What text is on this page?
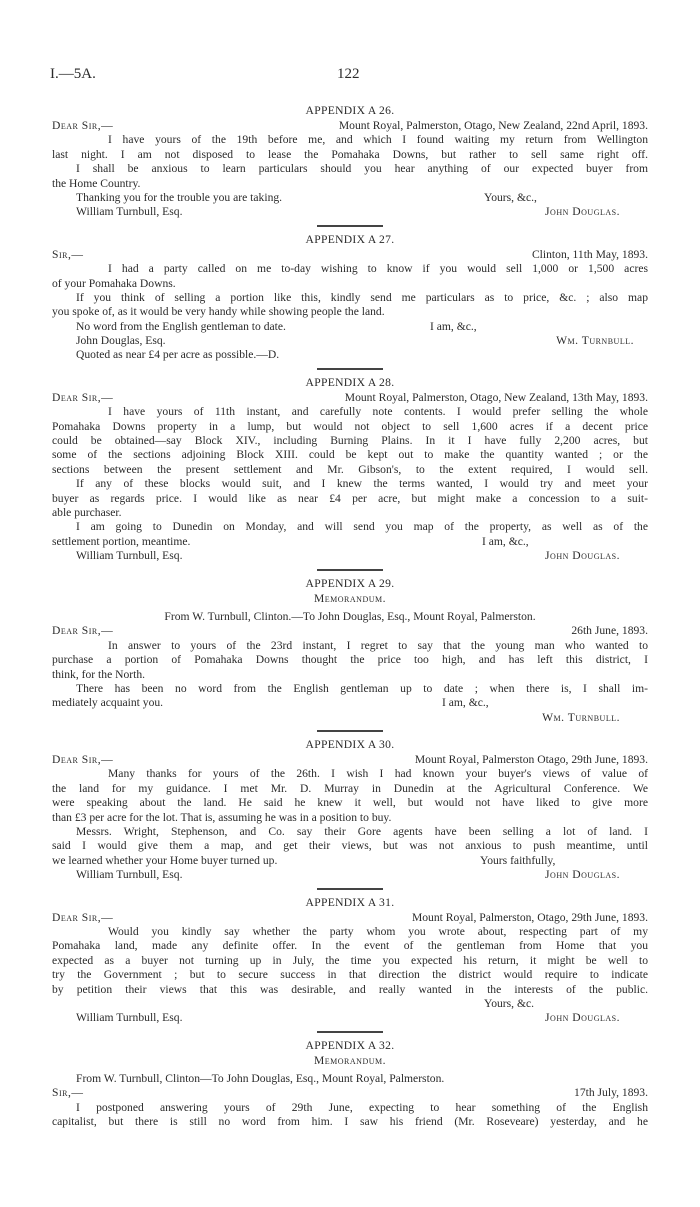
I.—5A.	122
APPENDIX A 26.
Dear Sir,—	Mount Royal, Palmerston, Otago, New Zealand, 22nd April, 1893.
I have yours of the 19th before me, and which I found waiting my return from Wellington
last night. I am not disposed to lease the Pomahaka Downs, but rather to sell same right off.
I shall be anxious to learn particulars should you hear anything of our expected buyer from
the Home Country.
Thanking you for the trouble you are taking.	Yours, &c.,
William Turnbull, Esq.	John Douglas.
APPENDIX A 27.
Sir,—	Clinton, 11th May, 1893.
I had a party called on me to-day wishing to know if you would sell 1,000 or 1,500 acres
of your Pomahaka Downs.
If you think of selling a portion like this, kindly send me particulars as to price, &c. ; also map
you spoke of, as it would be very handy while showing people the land.
No word from the English gentleman to date.	I am, &c.,
John Douglas, Esq.	Wm. Turnbull.
Quoted as near £4 per acre as possible.—D.
APPENDIX A 28.
Dear Sir,—	Mount Royal, Palmerston, Otago, New Zealand, 13th May, 1893.
I have yours of 11th instant, and carefully note contents. I would prefer selling the whole
Pomahaka Downs property in a lump, but would not object to sell 1,600 acres if a decent price
could be obtained—say Block XIV., including Burning Plains. In it I have fully 2,200 acres, but
some of the sections adjoining Block XIII. could be kept out to make the quantity wanted ; or the
sections between the present settlement and Mr. Gibson's, to the extent required, I would sell.
If any of these blocks would suit, and I knew the terms wanted, I would try and meet your
buyer as regards price. I would like as near £4 per acre, but might make a concession to a suit-
able purchaser.
I am going to Dunedin on Monday, and will send you map of the property, as well as of the
settlement portion, meantime.	I am, &c.,
William Turnbull, Esq.	John Douglas.
APPENDIX A 29.
Memorandum.
From W. Turnbull, Clinton.—To John Douglas, Esq., Mount Royal, Palmerston.
Dear Sir,—	26th June, 1893.
In answer to yours of the 23rd instant, I regret to say that the young man who wanted to
purchase a portion of Pomahaka Downs thought the price too high, and has left this district, I
think, for the North.
There has been no word from the English gentleman up to date ; when there is, I shall im-
mediately acquaint you.	I am, &c.,
Wm. Turnbull.
APPENDIX A 30.
Dear Sir,—	Mount Royal, Palmerston Otago, 29th June, 1893.
Many thanks for yours of the 26th. I wish I had known your buyer's views of value of
the land for my guidance. I met Mr. D. Murray in Dunedin at the Agricultural Conference. We
were speaking about the land. He said he knew it well, but would not have liked to give more
than £3 per acre for the lot. That is, assuming he was in a position to buy.
Messrs. Wright, Stephenson, and Co. say their Gore agents have been selling a lot of land. I
said I would give them a map, and get their views, but was not anxious to push meantime, until
we learned whether your Home buyer turned up.	Yours faithfully,
William Turnbull, Esq.	John Douglas.
APPENDIX A 31.
Dear Sir,—	Mount Royal, Palmerston, Otago, 29th June, 1893.
Would you kindly say whether the party whom you wrote about, respecting part of my
Pomahaka land, made any definite offer. In the event of the gentleman from Home that you
expected as a buyer not turning up in July, the time you expected his return, it might be well to
try the Government ; but to secure success in that direction the district would require to indicate
by petition their views that this was desirable, and really wanted in the interests of the public.
Yours, &c.
William Turnbull, Esq.	John Douglas.
APPENDIX A 32.
Memorandum.
From W. Turnbull, Clinton—To John Douglas, Esq., Mount Royal, Palmerston.
Sir,—	17th July, 1893.
I postponed answering yours of 29th June, expecting to hear something of the English
capitalist, but there is still no word from him. I saw his friend (Mr. Roseveare) yesterday, and he
